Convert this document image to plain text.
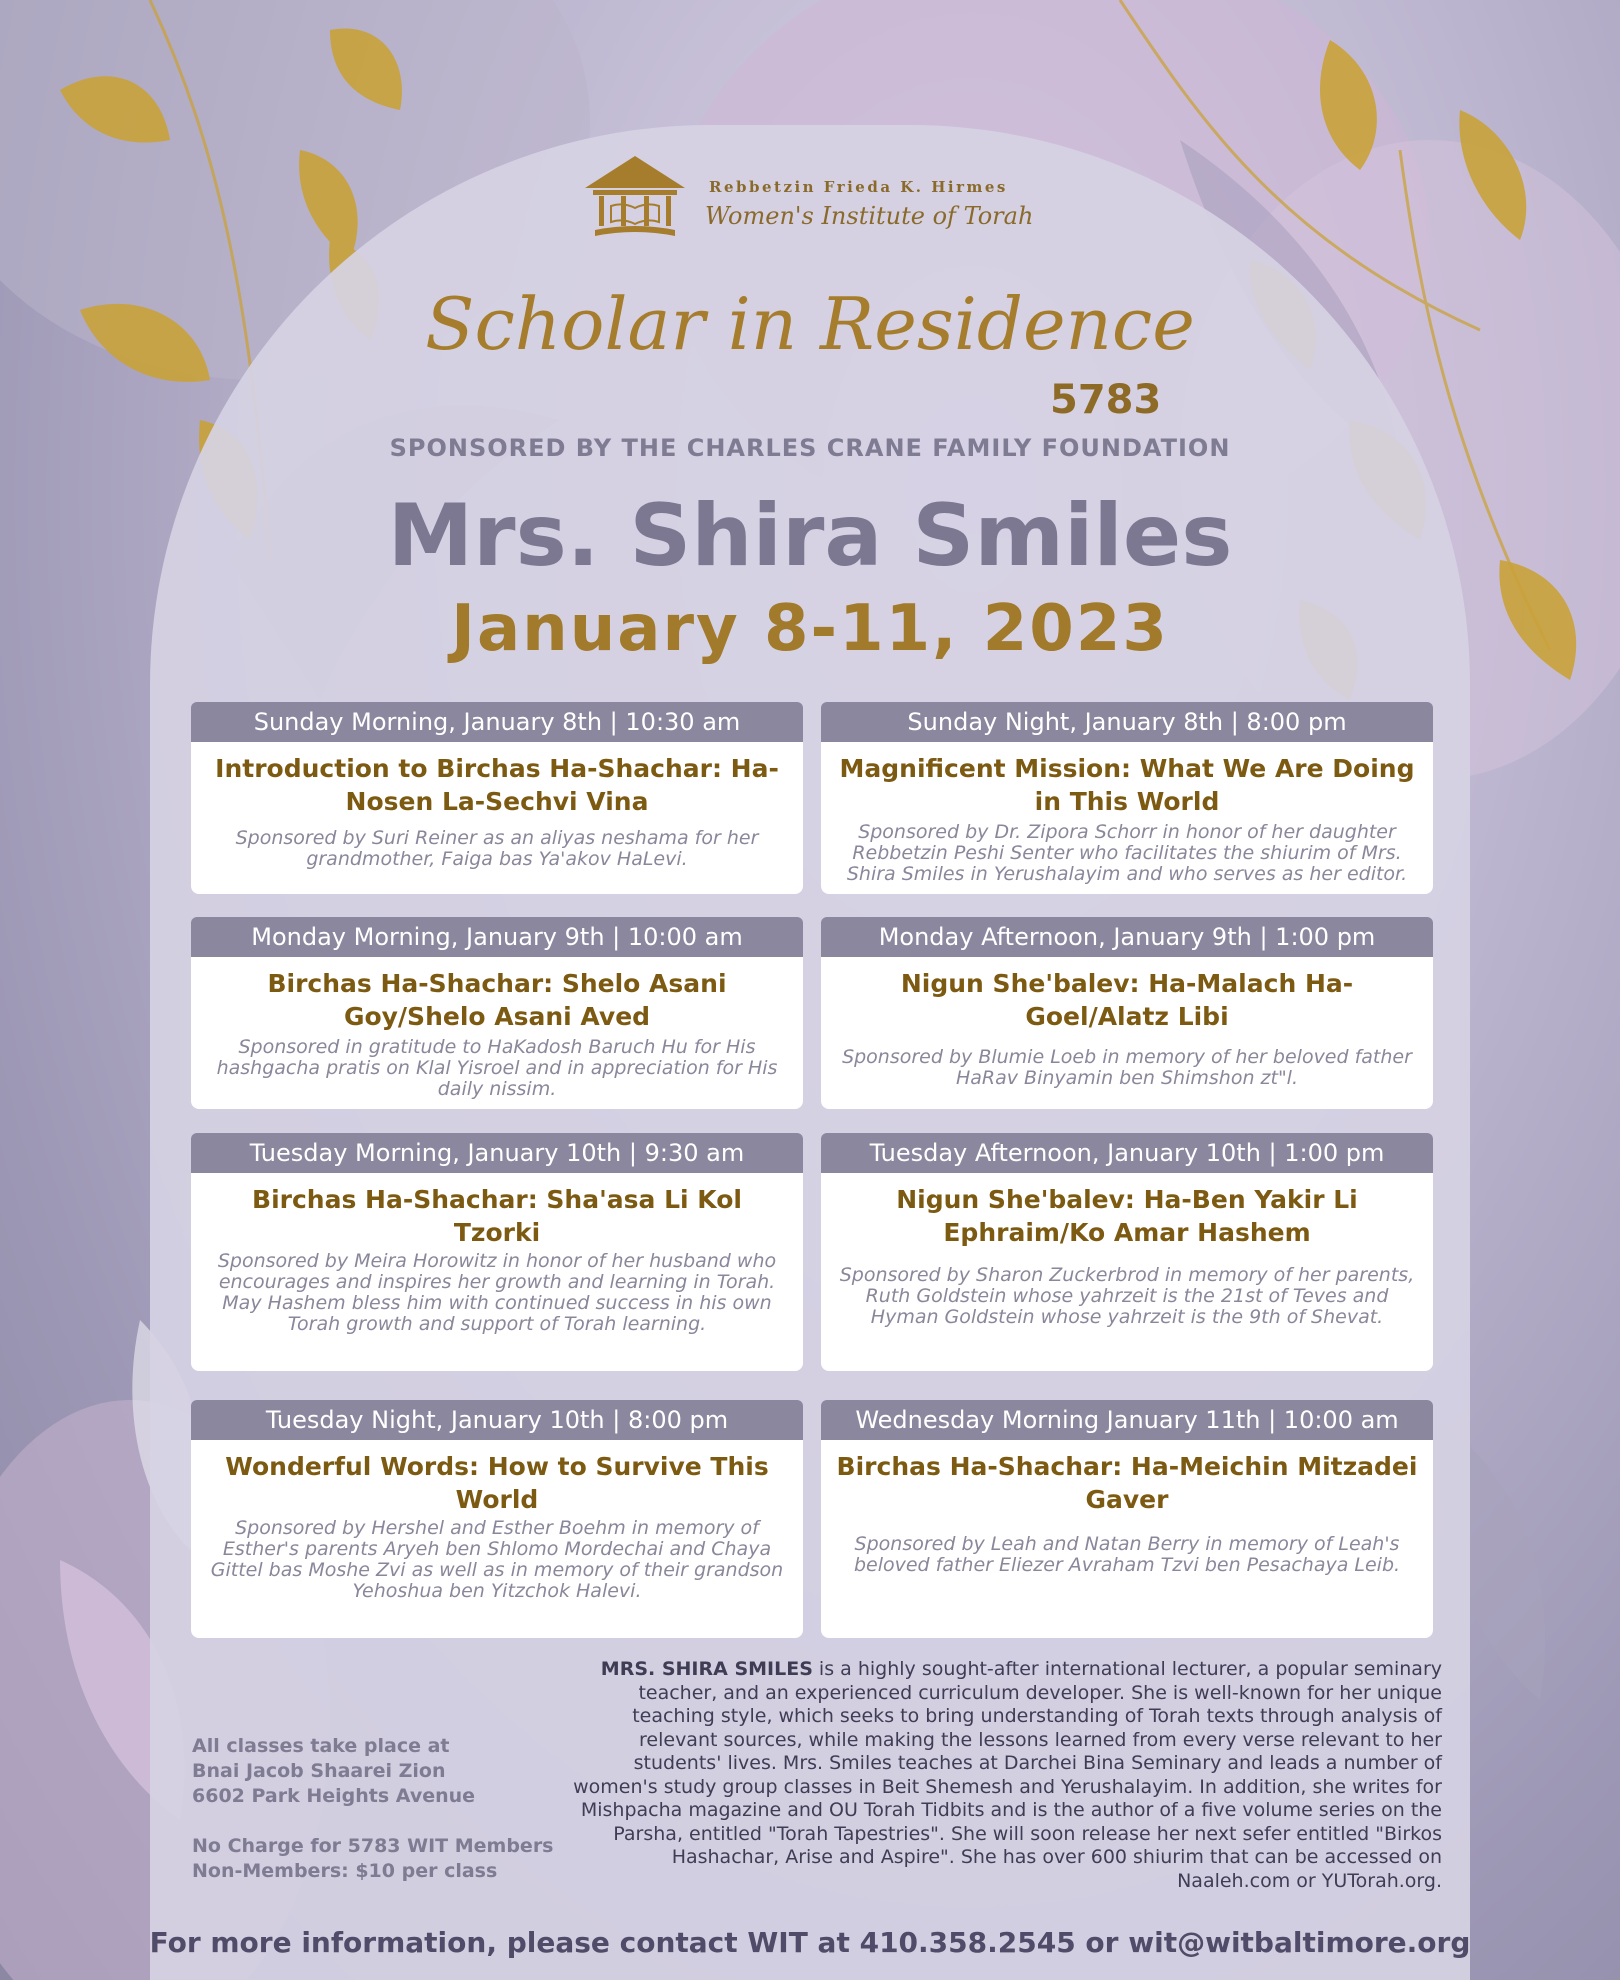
Rebbetzin Frieda K. Hirmes
Women's Institute of Torah
Scholar in Residence
5783
SPONSORED BY THE CHARLES CRANE FAMILY FOUNDATION
Mrs. Shira Smiles
January 8-11, 2023
Sunday Morning, January 8th | 10:30 am
Introduction to Birchas Ha-Shachar: Ha-Nosen La-Sechvi Vina
Sponsored by Suri Reiner as an aliyas neshama for her grandmother, Faiga bas Ya'akov HaLevi.
Sunday Night, January 8th | 8:00 pm
Magnificent Mission: What We Are Doing in This World
Sponsored by Dr. Zipora Schorr in honor of her daughter Rebbetzin Peshi Senter who facilitates the shiurim of Mrs. Shira Smiles in Yerushalayim and who serves as her editor.
Monday Morning, January 9th | 10:00 am
Birchas Ha-Shachar: Shelo Asani Goy/Shelo Asani Aved
Sponsored in gratitude to HaKadosh Baruch Hu for His hashgacha pratis on Klal Yisroel and in appreciation for His daily nissim.
Monday Afternoon, January 9th | 1:00 pm
Nigun She'balev: Ha-Malach Ha-Goel/Alatz Libi
Sponsored by Blumie Loeb in memory of her beloved father HaRav Binyamin ben Shimshon zt"l.
Tuesday Morning, January 10th | 9:30 am
Birchas Ha-Shachar: Sha'asa Li Kol Tzorki
Sponsored by Meira Horowitz in honor of her husband who encourages and inspires her growth and learning in Torah. May Hashem bless him with continued success in his own Torah growth and support of Torah learning.
Tuesday Afternoon, January 10th | 1:00 pm
Nigun She'balev: Ha-Ben Yakir Li Ephraim/Ko Amar Hashem
Sponsored by Sharon Zuckerbrod in memory of her parents, Ruth Goldstein whose yahrzeit is the 21st of Teves and Hyman Goldstein whose yahrzeit is the 9th of Shevat.
Tuesday Night, January 10th | 8:00 pm
Wonderful Words: How to Survive This World
Sponsored by Hershel and Esther Boehm in memory of Esther's parents Aryeh ben Shlomo Mordechai and Chaya Gittel bas Moshe Zvi as well as in memory of their grandson Yehoshua ben Yitzchok Halevi.
Wednesday Morning January 11th | 10:00 am
Birchas Ha-Shachar: Ha-Meichin Mitzadei Gaver
Sponsored by Leah and Natan Berry in memory of Leah's beloved father Eliezer Avraham Tzvi ben Pesachaya Leib.

All classes take place at

Bnai Jacob Shaarei Zion

6602 Park Heights Avenue

No Charge for 5783 WIT Members

Non-Members: $10 per class

MRS. SHIRA SMILES is a highly sought-after international lecturer, a popular seminary teacher, and an experienced curriculum developer. She is well-known for her unique teaching style, which seeks to bring understanding of Torah texts through analysis of relevant sources, while making the lessons learned from every verse relevant to her students' lives. Mrs. Smiles teaches at Darchei Bina Seminary and leads a number of women's study group classes in Beit Shemesh and Yerushalayim. In addition, she writes for Mishpacha magazine and OU Torah Tidbits and is the author of a five volume series on the Parsha, entitled "Torah Tapestries". She will soon release her next sefer entitled "Birkos Hashachar, Arise and Aspire". She has over 600 shiurim that can be accessed on Naaleh.com or YUTorah.org.
For more information, please contact WIT at 410.358.2545 or wit@witbaltimore.org
